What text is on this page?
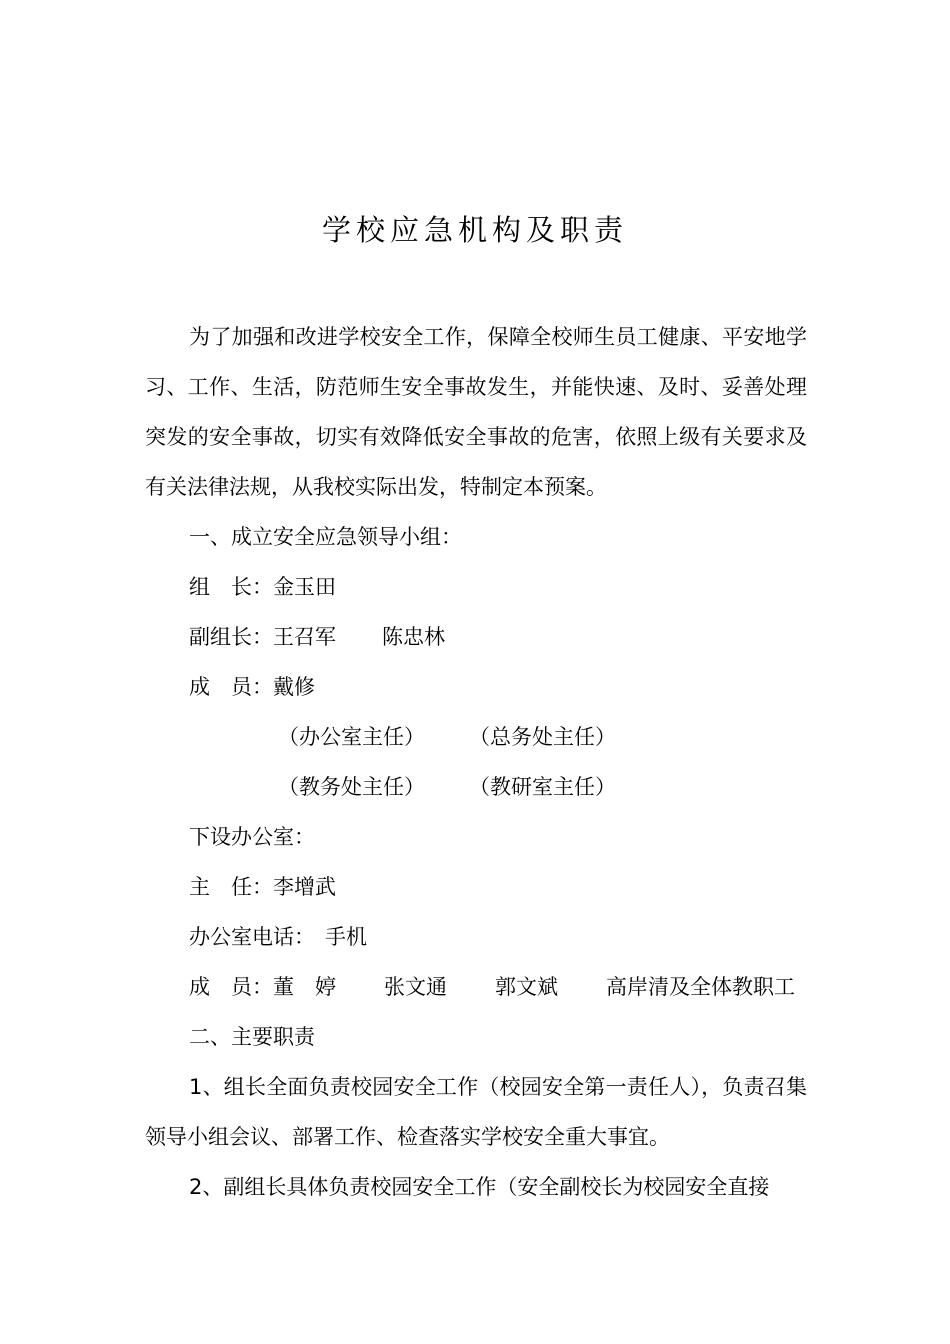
学校应急机构及职责

为了加强和改进学校安全工作，保障全校师生员工健康、平安地学习、工作、生活，防范师生安全事故发生，并能快速、及时、妥善处理突发的安全事故，切实有效降低安全事故的危害，依照上级有关要求及有关法律法规，从我校实际出发，特制定本预案。

一、成立安全应急领导小组：

组　长：金玉田

副组长：王召军 陈忠林

成　员：戴修

（办公室主任） （总务处主任）

（教务处主任） （教研室主任）

下设办公室：

主　任：李增武

办公室电话： 手机

成　员：董　婷 张文通 郭文斌 高岸清及全体教职工

二、主要职责

1、组长全面负责校园安全工作（校园安全第一责任人），负责召集领导小组会议、部署工作、检查落实学校安全重大事宜。

2、副组长具体负责校园安全工作（安全副校长为校园安全直接
